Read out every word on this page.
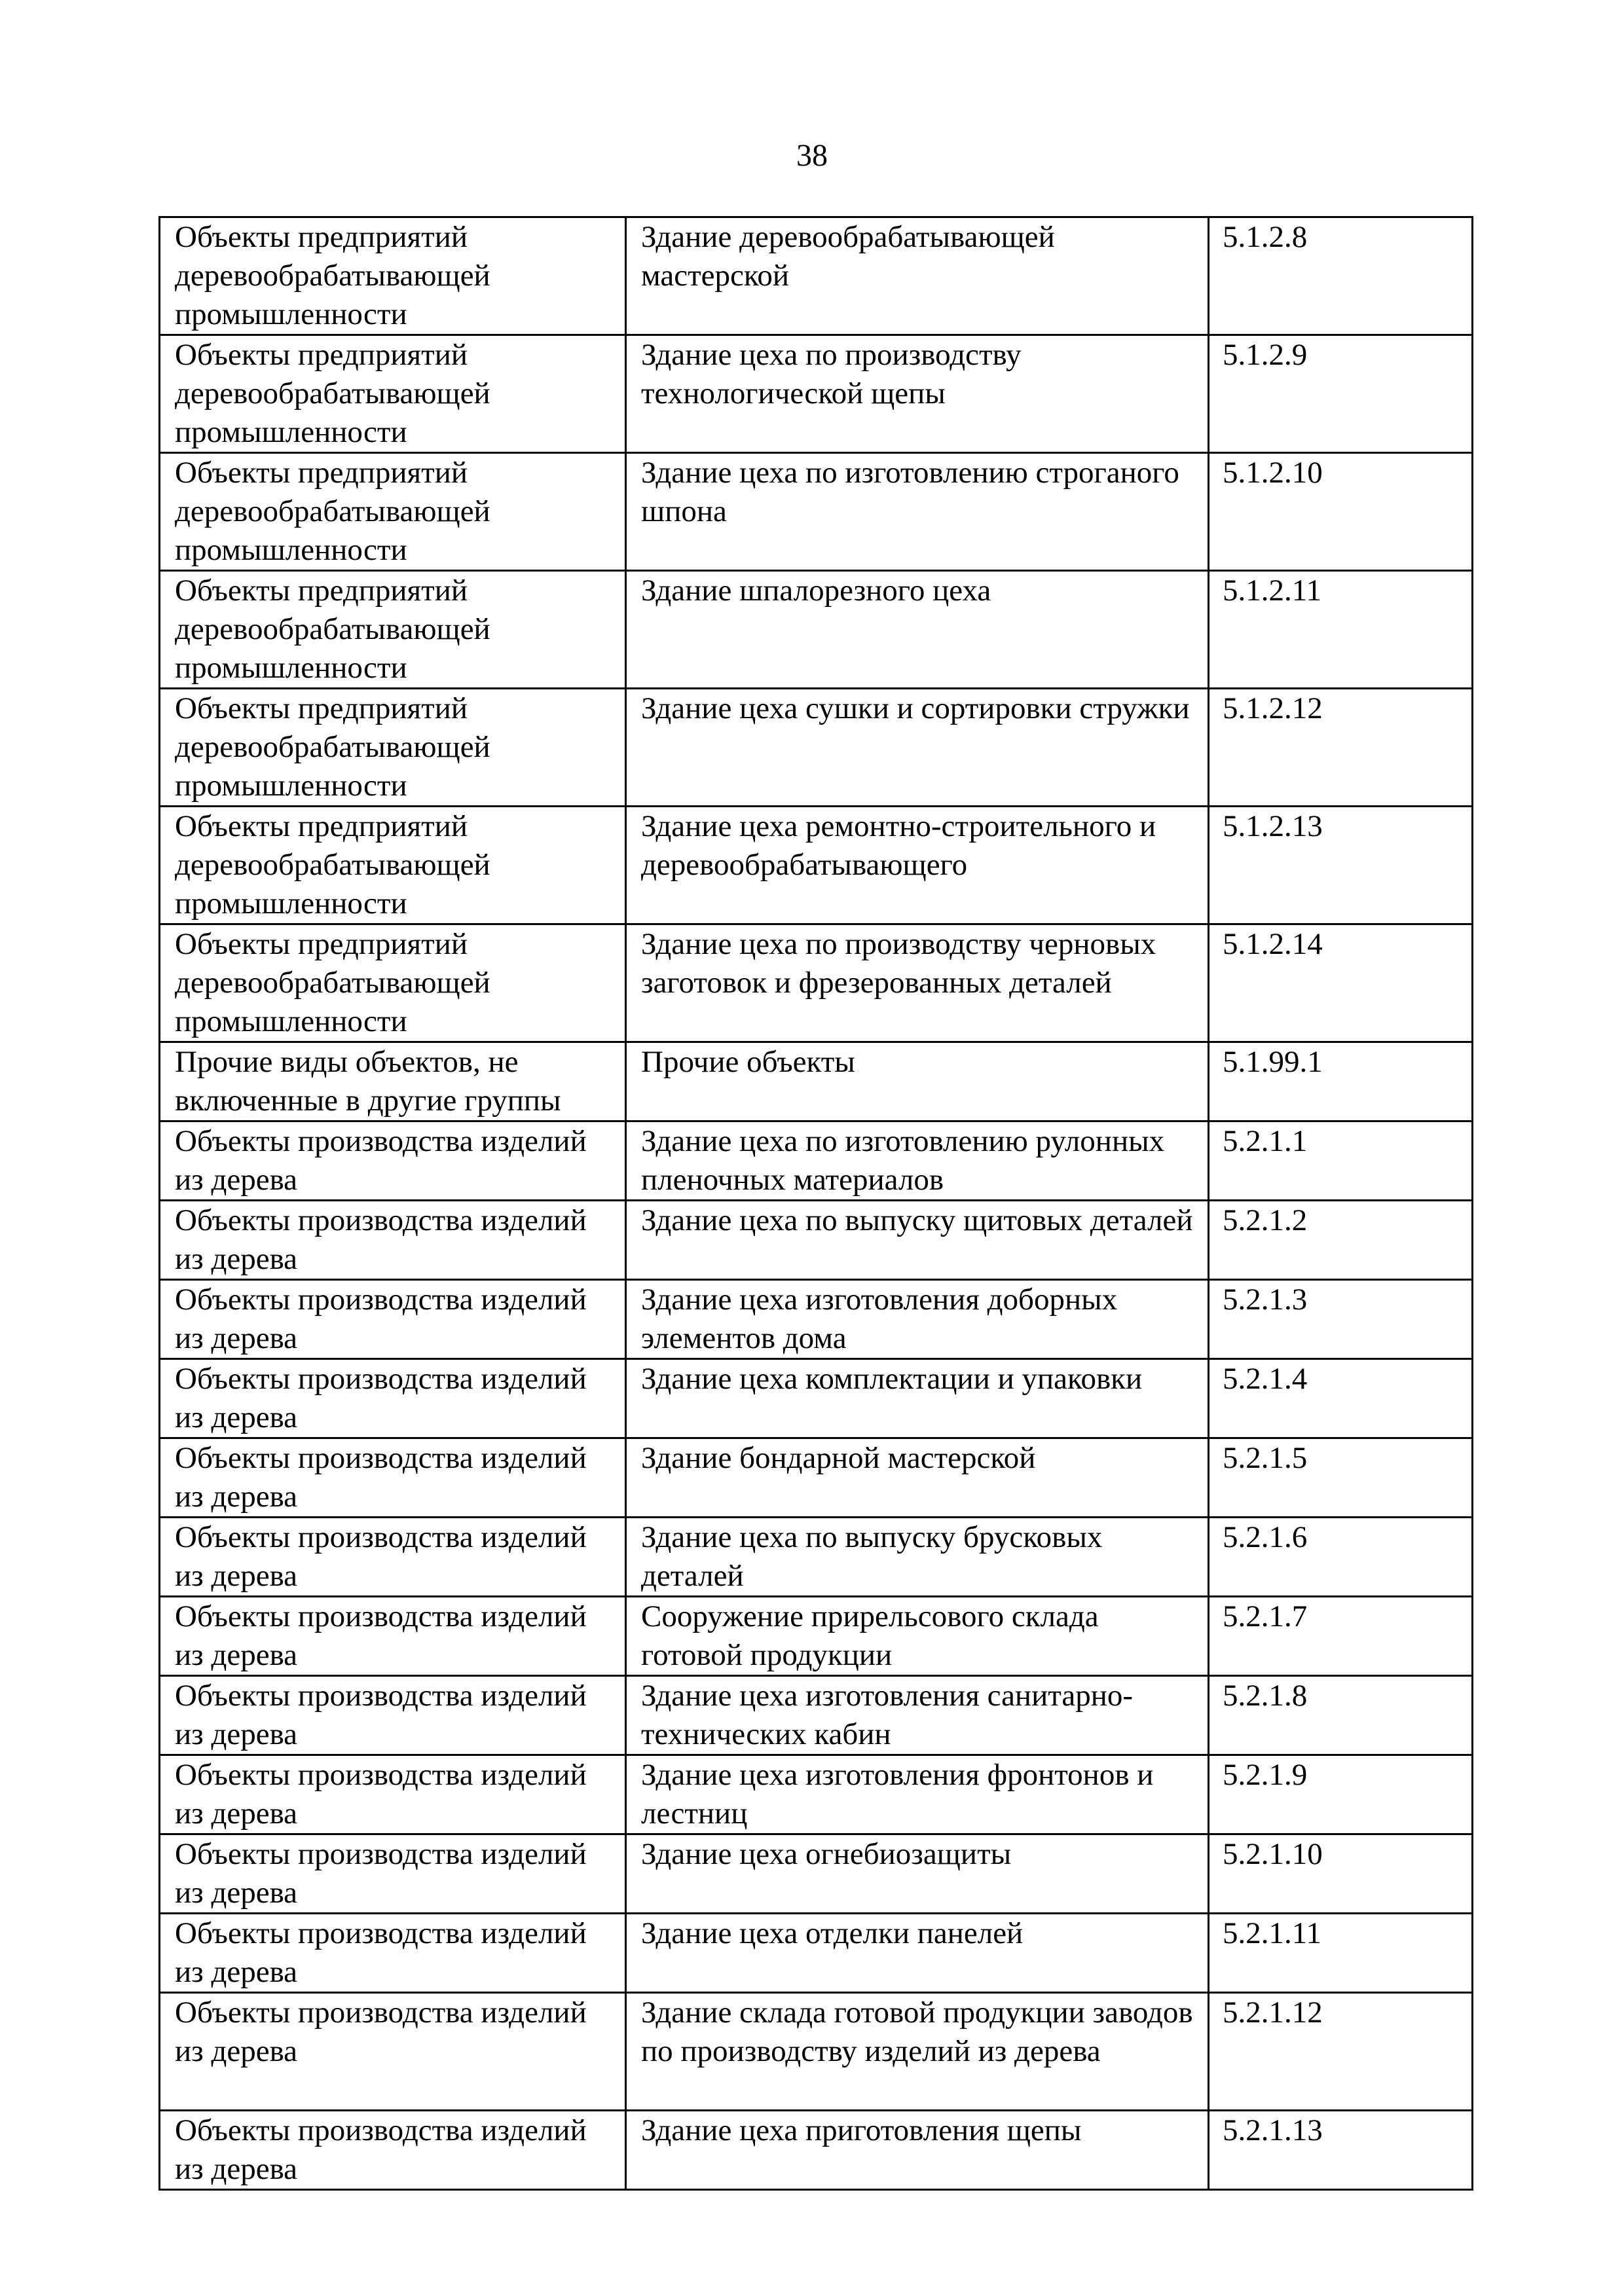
38
Объекты предприятий деревообрабатывающей промышленности	Здание деревообрабатывающей мастерской	5.1.2.8
Объекты предприятий деревообрабатывающей промышленности	Здание цеха по производству технологической щепы	5.1.2.9
Объекты предприятий деревообрабатывающей промышленности	Здание цеха по изготовлению строганого шпона	5.1.2.10
Объекты предприятий деревообрабатывающей промышленности	Здание шпалорезного цеха	5.1.2.11
Объекты предприятий деревообрабатывающей промышленности	Здание цеха сушки и сортировки стружки	5.1.2.12
Объекты предприятий деревообрабатывающей промышленности	Здание цеха ремонтно-строительного и деревообрабатывающего	5.1.2.13
Объекты предприятий деревообрабатывающей промышленности	Здание цеха по производству черновых заготовок и фрезерованных деталей	5.1.2.14
Прочие виды объектов, не включенные в другие группы	Прочие объекты	5.1.99.1
Объекты производства изделий из дерева	Здание цеха по изготовлению рулонных пленочных материалов	5.2.1.1
Объекты производства изделий из дерева	Здание цеха по выпуску щитовых деталей	5.2.1.2
Объекты производства изделий из дерева	Здание цеха изготовления доборных элементов дома	5.2.1.3
Объекты производства изделий из дерева	Здание цеха комплектации и упаковки	5.2.1.4
Объекты производства изделий из дерева	Здание бондарной мастерской	5.2.1.5
Объекты производства изделий из дерева	Здание цеха по выпуску брусковых деталей	5.2.1.6
Объекты производства изделий из дерева	Сооружение прирельсового склада готовой продукции	5.2.1.7
Объекты производства изделий из дерева	Здание цеха изготовления санитарно-технических кабин	5.2.1.8
Объекты производства изделий из дерева	Здание цеха изготовления фронтонов и лестниц	5.2.1.9
Объекты производства изделий из дерева	Здание цеха огнебиозащиты	5.2.1.10
Объекты производства изделий из дерева	Здание цеха отделки панелей	5.2.1.11
Объекты производства изделий из дерева	Здание склада готовой продукции заводов по производству изделий из дерева	5.2.1.12
Объекты производства изделий из дерева	Здание цеха приготовления щепы	5.2.1.13
